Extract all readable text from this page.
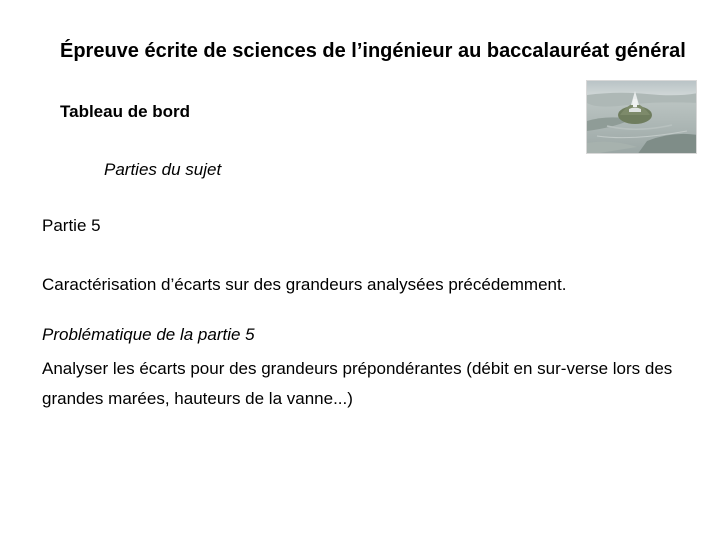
Épreuve écrite de sciences de l’ingénieur au baccalauréat général
Tableau de bord
Parties du sujet
Partie 5
Caractérisation d’écarts sur des grandeurs analysées précédemment.
Problématique de la partie 5
Analyser les écarts pour des grandeurs prépondérantes (débit en sur-verse lors des grandes marées, hauteurs de la vanne...)
